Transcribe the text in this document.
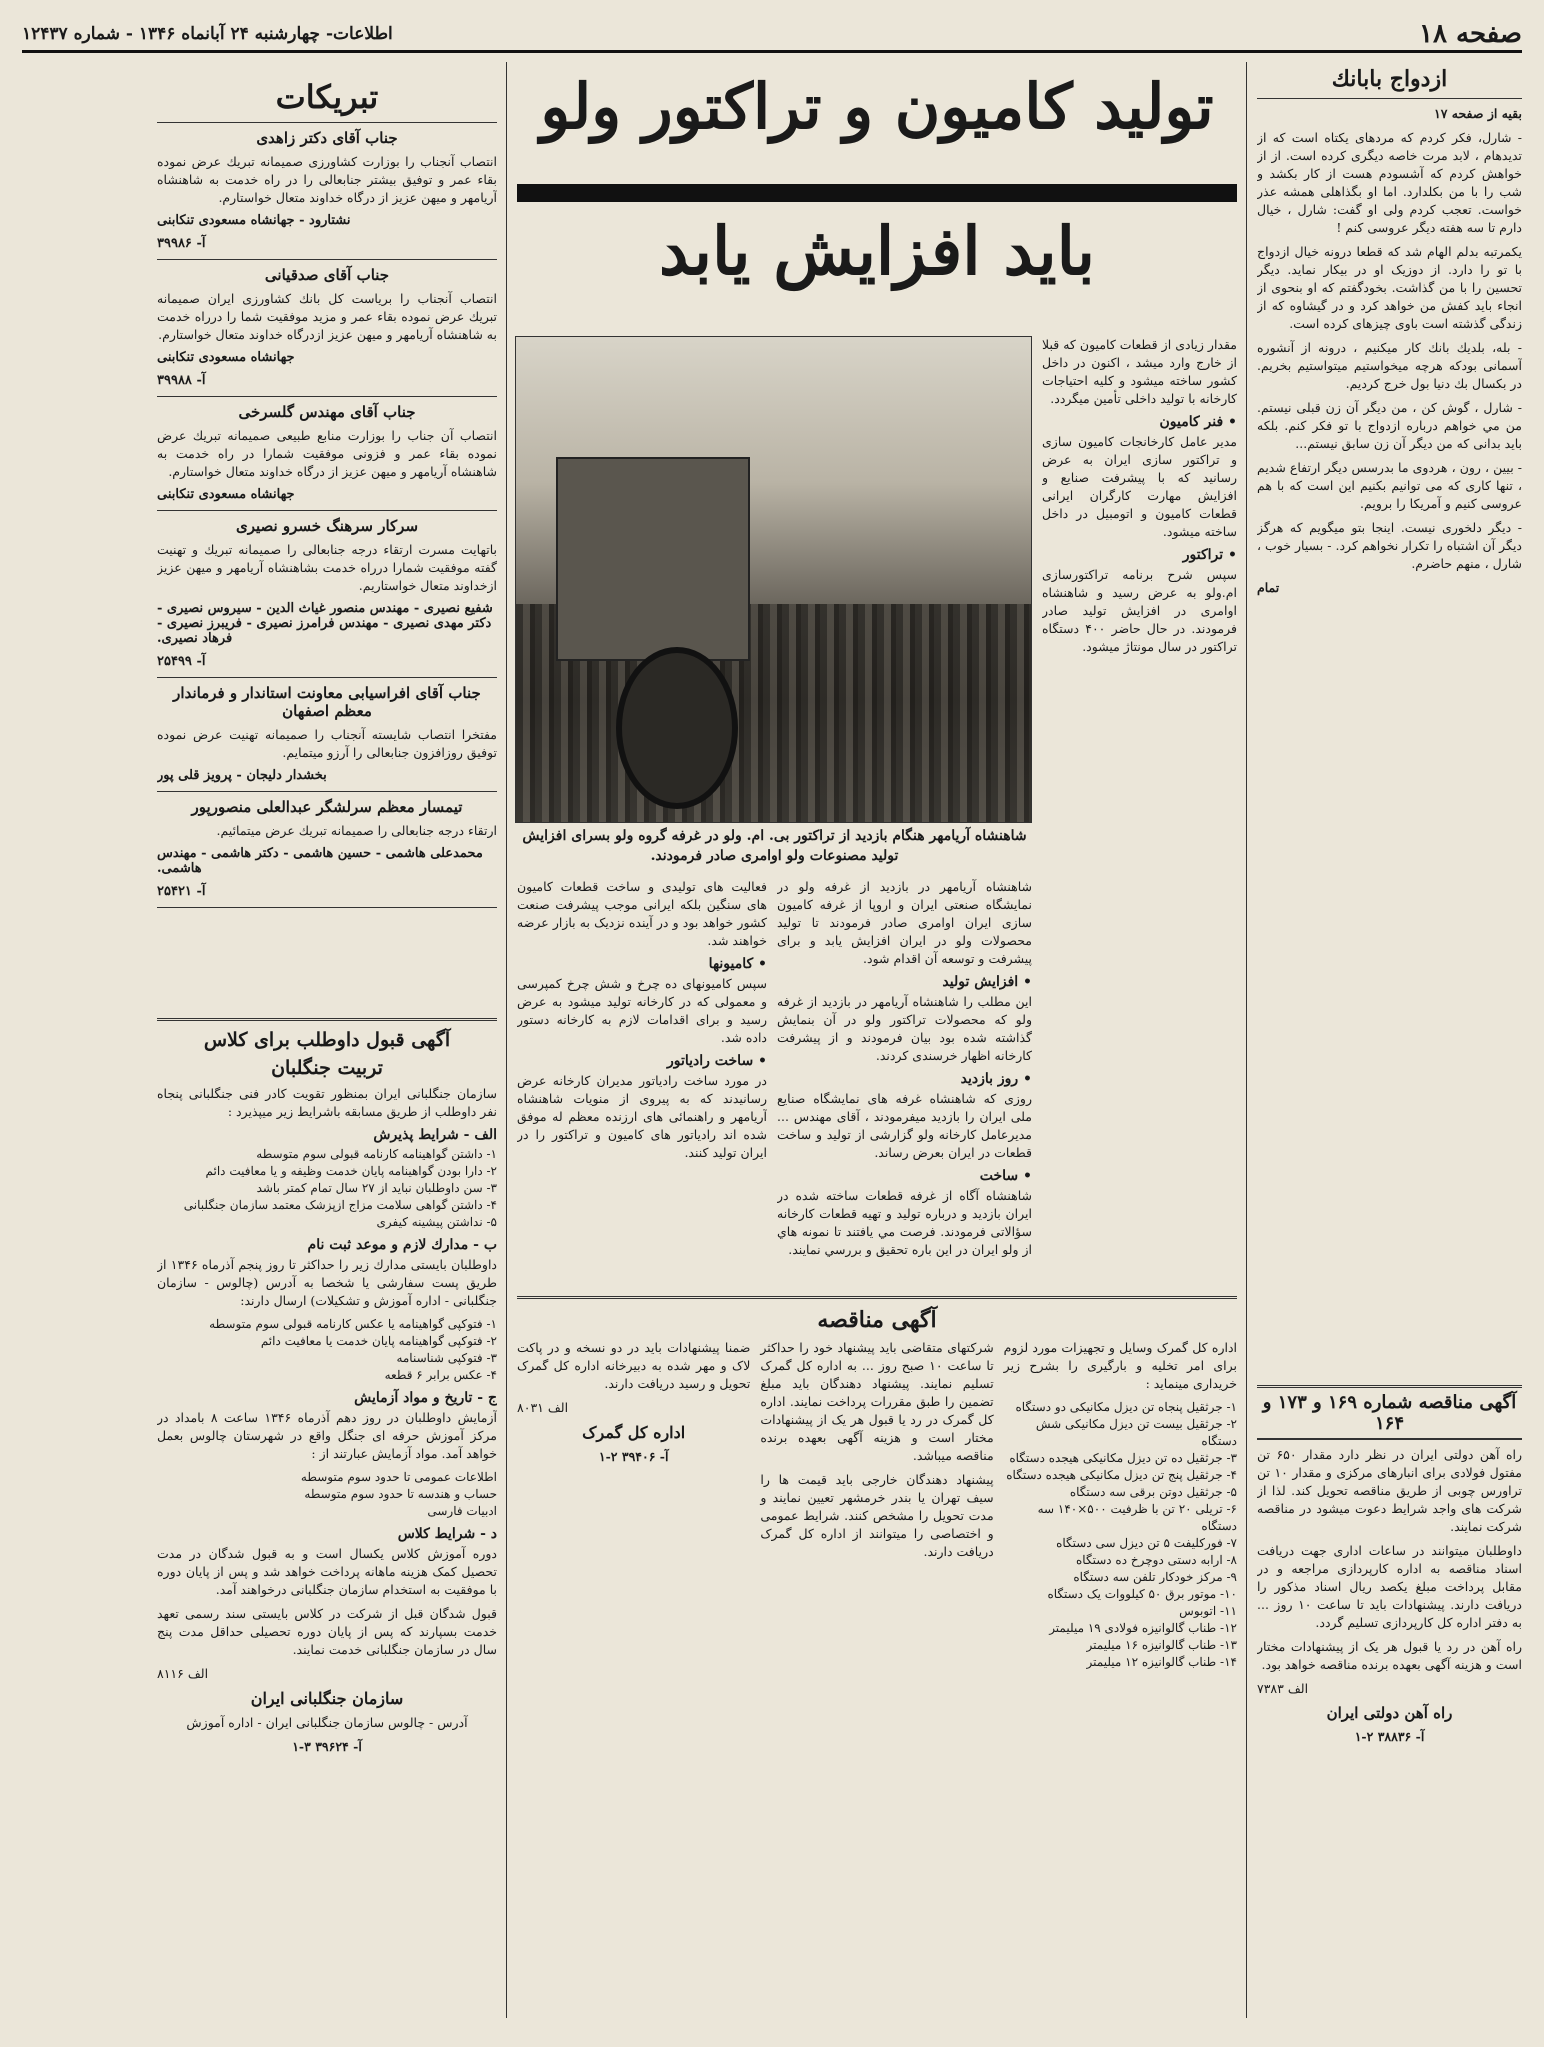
صفحه ۱۸
اطلاعات- چهارشنبه ۲۴ آبانماه ۱۳۴۶ - شماره ۱۲۴۳۷
ازدواج بابانك

بقیه از صفحه ۱۷

- شارل، فکر کردم که مردهای یکتاه است که از تدیدهام ، لابد مرت خاصه دیگری کرده است. از از خواهش کردم که آشسودم هست از کار بکشد و شب را با من بکلدارد. اما او بگذاهلی همشه عذر خواست. تعجب کردم ولی او گفت: شارل ، خیال دارم تا سه هفته دیگر عروسی کنم !

یکمرتبه بدلم الهام شد که قطعا درونه خیال ازدواج با تو را دارد. از دوزیک او در بیکار نماید. دیگر تحسین را با من گذاشت. بخودگفتم که او بنحوی از انجاء باید کفش من خواهد کرد و در گیشاوه که از زندگی گذشته است باوی چیزهای کرده است.

- بله، بلدیك بانك كار میكنیم ، درونه از آنشوره آسمانی بودکه هرچه میخواستیم میتواستیم بخریم. در بکسال بك دنیا بول خرج كرديم.

- شارل ، گوش كن ، من دیگر آن زن قبلی نیستم. من مي خواهم درباره ازدواج با تو فكر كنم. بلکه باید بدانی كه من دیگر آن زن سابق نيستم...

- بیین ، رون ، هردوی ما بدرسس دیگر ارتفاع شدیم ، تنها كاری كه می توانیم بكنیم این است كه با هم عروسی كنیم و آمريكا را برویم.

- دیگر دلخوری نیست. اینجا بتو میگویم كه هرگز دیگر آن اشتباه را تكرار نخواهم كرد. - بسیار خوب ، شارل ، منهم حاضرم.

تمام

آگهی مناقصه شماره ۱۶۹ و ۱۷۳ و ۱۶۴

راه آهن دولتی ایران در نظر دارد مقدار ۶۵۰ تن مفتول فولادی برای انبارهای مرکزی و مقدار ۱۰ تن تراورس چوبی از طریق مناقصه تحویل کند. لذا از شرکت های واجد شرایط دعوت میشود در مناقصه شرکت نمایند.

داوطلبان میتوانند در ساعات اداری جهت دریافت اسناد مناقصه به اداره کارپردازی مراجعه و در مقابل پرداخت مبلغ یکصد ریال اسناد مذکور را دریافت دارند. پیشنهادات باید تا ساعت ۱۰ روز ... به دفتر اداره کل کارپردازی تسلیم گردد.

راه آهن در رد یا قبول هر یک از پیشنهادات مختار است و هزینه آگهی بعهده برنده مناقصه خواهد بود.

الف ۷۳۸۳

راه آهن دولتی ایران

آ- ۳۸۸۳۶ ۲-۱

تولید کامیون و تراکتور ولو
باید افزایش یابد

مقدار زیادی از قطعات کامیون که قبلا از خارج وارد میشد ، اکنون در داخل کشور ساخته میشود و کلیه احتیاجات کارخانه با تولید داخلی تأمین میگردد.

• فنر کامیون

مدیر عامل کارخانجات کامیون سازی و تراکتور سازی ایران به عرض رسانید که با پیشرفت صنایع و افزایش مهارت کارگران ایرانی قطعات کامیون و اتومبیل در داخل ساخته میشود.

• تراکتور

سپس شرح برنامه تراکتورسازی ام.ولو به عرض رسید و شاهنشاه اوامری در افزایش تولید صادر فرمودند. در حال حاضر ۴۰۰ دستگاه تراکتور در سال مونتاژ میشود.

شاهنشاه آریامهر هنگام بازدید از تراکتور بی. ام. ولو در غرفه گروه ولو بسرای افزایش تولید مصنوعات ولو اوامری صادر فرمودند.

شاهنشاه آریامهر در بازدید از غرفه ولو در نمایشگاه صنعتی ایران و اروپا از غرفه کامیون سازی ایران اوامری صادر فرمودند تا تولید محصولات ولو در ایران افزایش یابد و برای پیشرفت و توسعه آن اقدام شود.

• افزایش تولید

این مطلب را شاهنشاه آریامهر در بازدید از غرفه ولو که محصولات تراکتور ولو در آن بنمایش گذاشته شده بود بیان فرمودند و از پیشرفت کارخانه اظهار خرسندی کردند.

• روز بازدید

روزی که شاهنشاه غرفه های نمایشگاه صنایع ملی ایران را بازدید میفرمودند ، آقای مهندس ... مدیرعامل کارخانه ولو گزارشی از تولید و ساخت قطعات در ایران بعرض رساند.

• ساخت

شاهنشاه آگاه از غرفه قطعات ساخته شده در ایران بازدید و درباره تولید و تهیه قطعات کارخانه سؤالاتی فرمودند. فرصت مي يافتند تا نمونه هاي از ولو ايران در اين باره تحقيق و بررسي نمايند.

فعالیت های تولیدی و ساخت قطعات کامیون های سنگین بلکه ایرانی موجب پیشرفت صنعت کشور خواهد بود و در آینده نزدیک به بازار عرضه خواهند شد.

• کامیونها

سپس کامیونهای ده چرخ و شش چرخ کمپرسی و معمولی که در کارخانه تولید میشود به عرض رسید و برای اقدامات لازم به کارخانه دستور داده شد.

• ساخت رادیاتور

در مورد ساخت رادیاتور مدیران کارخانه عرض رسانیدند که به پیروی از منویات شاهنشاه آریامهر و راهنمائی های ارزنده معظم له موفق شده اند رادیاتور های کامیون و تراکتور را در ایران تولید کنند.

آگهی مناقصه

اداره کل گمرک وسایل و تجهیزات مورد لزوم برای امر تخلیه و بارگیری را بشرح زیر خریداری مینماید :

۱- جرثقیل پنجاه تن دیزل مکانیکی دو دستگاه
۲- جرثقیل بیست تن دیزل مکانیکی شش دستگاه
۳- جرثقیل ده تن دیزل مکانیکی هیجده دستگاه
۴- جرثقیل پنج تن دیزل مکانیکی هیجده دستگاه
۵- جرثقیل دوتن برقی سه دستگاه
۶- تریلی ۲۰ تن با ظرفیت ۵۰۰×۱۴۰ سه دستگاه
۷- فورکلیفت ۵ تن دیزل سی دستگاه
۸- ارابه دستی دوچرخ ده دستگاه
۹- مرکز خودکار تلفن سه دستگاه
۱۰- موتور برق ۵۰ کیلووات یک دستگاه
۱۱- اتوبوس
۱۲- طناب گالوانیزه فولادی ۱۹ میلیمتر
۱۳- طناب گالوانیزه ۱۶ میلیمتر
۱۴- طناب گالوانیزه ۱۲ میلیمتر

شرکتهای متقاضی باید پیشنهاد خود را حداکثر تا ساعت ۱۰ صبح روز ... به اداره کل گمرک تسلیم نمایند. پیشنهاد دهندگان باید مبلغ تضمین را طبق مقررات پرداخت نمایند. اداره کل گمرک در رد یا قبول هر یک از پیشنهادات مختار است و هزینه آگهی بعهده برنده مناقصه میباشد.

پیشنهاد دهندگان خارجی باید قیمت ها را سیف تهران یا بندر خرمشهر تعیین نمایند و مدت تحویل را مشخص کنند. شرایط عمومی و اختصاصی را میتوانند از اداره کل گمرک دریافت دارند.

ضمنا پیشنهادات باید در دو نسخه و در پاکت لاک و مهر شده به دبیرخانه اداره کل گمرک تحویل و رسید دریافت دارند.

الف ۸۰۳۱

اداره کل گمرک

آ- ۳۹۴۰۶ ۲-۱

تبریکات
جناب آقای دکتر زاهدی

انتصاب آنجناب را بوزارت کشاورزی صمیمانه تبریك عرض نموده بقاء عمر و توفیق بیشتر جنابعالی را در راه خدمت به شاهنشاه آریامهر و میهن عزیز از درگاه خداوند متعال خواستارم.

نشتارود - جهانشاه مسعودی تنکابنی
آ- ۳۹۹۸۶
جناب آقای صدقیانی

انتصاب آنجناب را بریاست کل بانك کشاورزی ایران صمیمانه تبریك عرض نموده بقاء عمر و مزید موفقیت شما را درراه خدمت به شاهنشاه آریامهر و میهن عزیز ازدرگاه خداوند متعال خواستارم.

جهانشاه مسعودی تنکابنی
آ- ۳۹۹۸۸
جناب آقای مهندس گلسرخی

انتصاب آن جناب را بوزارت منابع طبیعی صمیمانه تبریك عرض نموده بقاء عمر و فزونی موفقیت شمارا در راه خدمت به شاهنشاه آریامهر و میهن عزیز از درگاه خداوند متعال خواستارم.

جهانشاه مسعودی تنکابنی
سرکار سرهنگ خسرو نصیری

باتهایت مسرت ارتقاء درجه جنابعالی را صمیمانه تبریك و تهنیت گفته موفقیت شمارا درراه خدمت بشاهنشاه آریامهر و میهن عزیز ازخداوند متعال خواستاریم.

شفیع نصیری - مهندس منصور غیاث الدین - سیروس نصیری - دکتر مهدی نصیری - مهندس فرامرز نصیری - فریبرز نصیری - فرهاد نصیری.
آ- ۲۵۴۹۹
جناب آقای افراسیابی معاونت استاندار و فرماندار معظم اصفهان

مفتخرا انتصاب شایسته آنجناب را صمیمانه تهنیت عرض نموده توفیق روزافزون جنابعالی را آرزو میتمایم.

بخشدار دلیجان - پرویز قلی پور
تیمسار معظم سرلشگر عبدالعلی منصورپور

ارتقاء درجه جنابعالی را صمیمانه تبریك عرض میتمائیم.

محمدعلی هاشمی - حسین هاشمی - دکتر هاشمی - مهندس هاشمی.
آ- ۲۵۴۲۱
آگهی قبول داوطلب برای کلاس
تربیت جنگلبان

سازمان جنگلبانی ایران بمنظور تقویت کادر فنی جنگلبانی پنجاه نفر داوطلب از طریق مسابقه باشرایط زیر میپذیرد :

الف - شرایط پذیرش
۱- داشتن گواهینامه کارنامه قبولی سوم متوسطه
۲- دارا بودن گواهینامه پایان خدمت وظیفه و یا معافیت دائم
۳- سن داوطلبان نباید از ۲۷ سال تمام کمتر باشد
۴- داشتن گواهی سلامت مزاج ازپزشک معتمد سازمان جنگلبانی
۵- نداشتن پیشینه کیفری
ب - مدارك لازم و موعد ثبت نام

داوطلبان بایستی مدارك زیر را حداکثر تا روز پنجم آذرماه ۱۳۴۶ از طریق پست سفارشی یا شخصا به آدرس (چالوس - سازمان جنگلبانی - اداره آموزش و تشکیلات) ارسال دارند:

۱- فتوکپی گواهینامه یا عکس کارنامه قبولی سوم متوسطه
۲- فتوکپی گواهینامه پایان خدمت یا معافیت دائم
۳- فتوکپی شناسنامه
۴- عکس برابر ۶ قطعه
ج - تاریخ و مواد آزمایش

آزمایش داوطلبان در روز دهم آذرماه ۱۳۴۶ ساعت ۸ بامداد در مرکز آموزش حرفه ای جنگل واقع در شهرستان چالوس بعمل خواهد آمد. مواد آزمایش عبارتند از :

اطلاعات عمومی تا حدود سوم متوسطه
حساب و هندسه تا حدود سوم متوسطه
ادبیات فارسی
د - شرایط کلاس

دوره آموزش کلاس یکسال است و به قبول شدگان در مدت تحصیل کمک هزینه ماهانه پرداخت خواهد شد و پس از پایان دوره با موفقیت به استخدام سازمان جنگلبانی درخواهند آمد.

قبول شدگان قبل از شرکت در کلاس بایستی سند رسمی تعهد خدمت بسپارند که پس از پایان دوره تحصیلی حداقل مدت پنج سال در سازمان جنگلبانی خدمت نمایند.

الف ۸۱۱۶

سازمان جنگلبانی ایران

آدرس - چالوس سازمان جنگلبانی ایران - اداره آموزش

آ- ۳۹۶۲۴ ۳-۱
